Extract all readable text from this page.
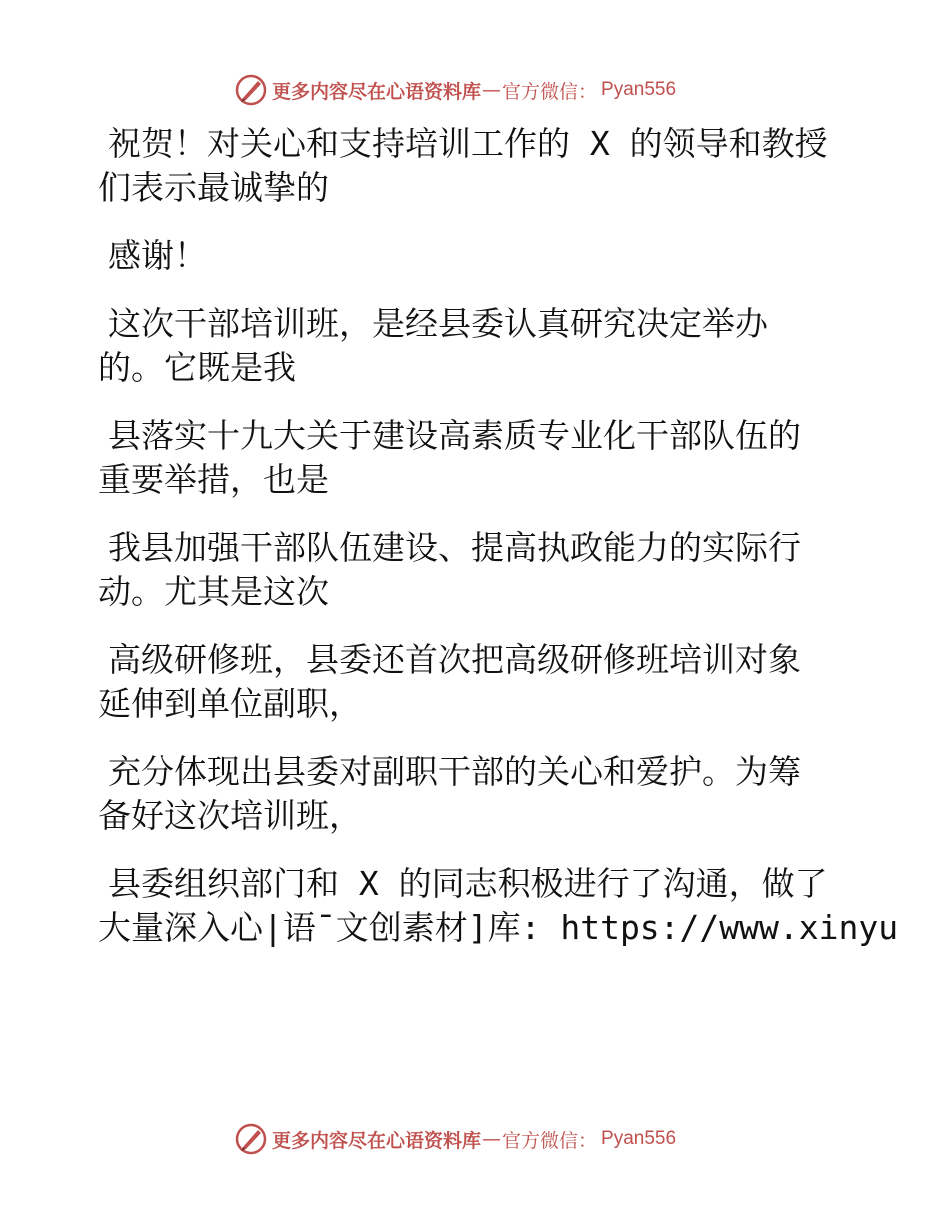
更多内容尽在心语资料库 — 官方微信： Pyan556
祝贺！对关心和支持培训工作的 X 的领导和教授
们表示最诚挚的
感谢！
这次干部培训班，是经县委认真研究决定举办
的。它既是我
县落实十九大关于建设高素质专业化干部队伍的
重要举措，也是
我县加强干部队伍建设、提高执政能力的实际行
动。尤其是这次
高级研修班，县委还首次把高级研修班培训对象
延伸到单位副职，
充分体现出县委对副职干部的关心和爱护。为筹
备好这次培训班，
县委组织部门和 X 的同志积极进行了沟通，做了
大量深入心|语¯文创素材]库: https://www.xinyu
更多内容尽在心语资料库 — 官方微信： Pyan556
